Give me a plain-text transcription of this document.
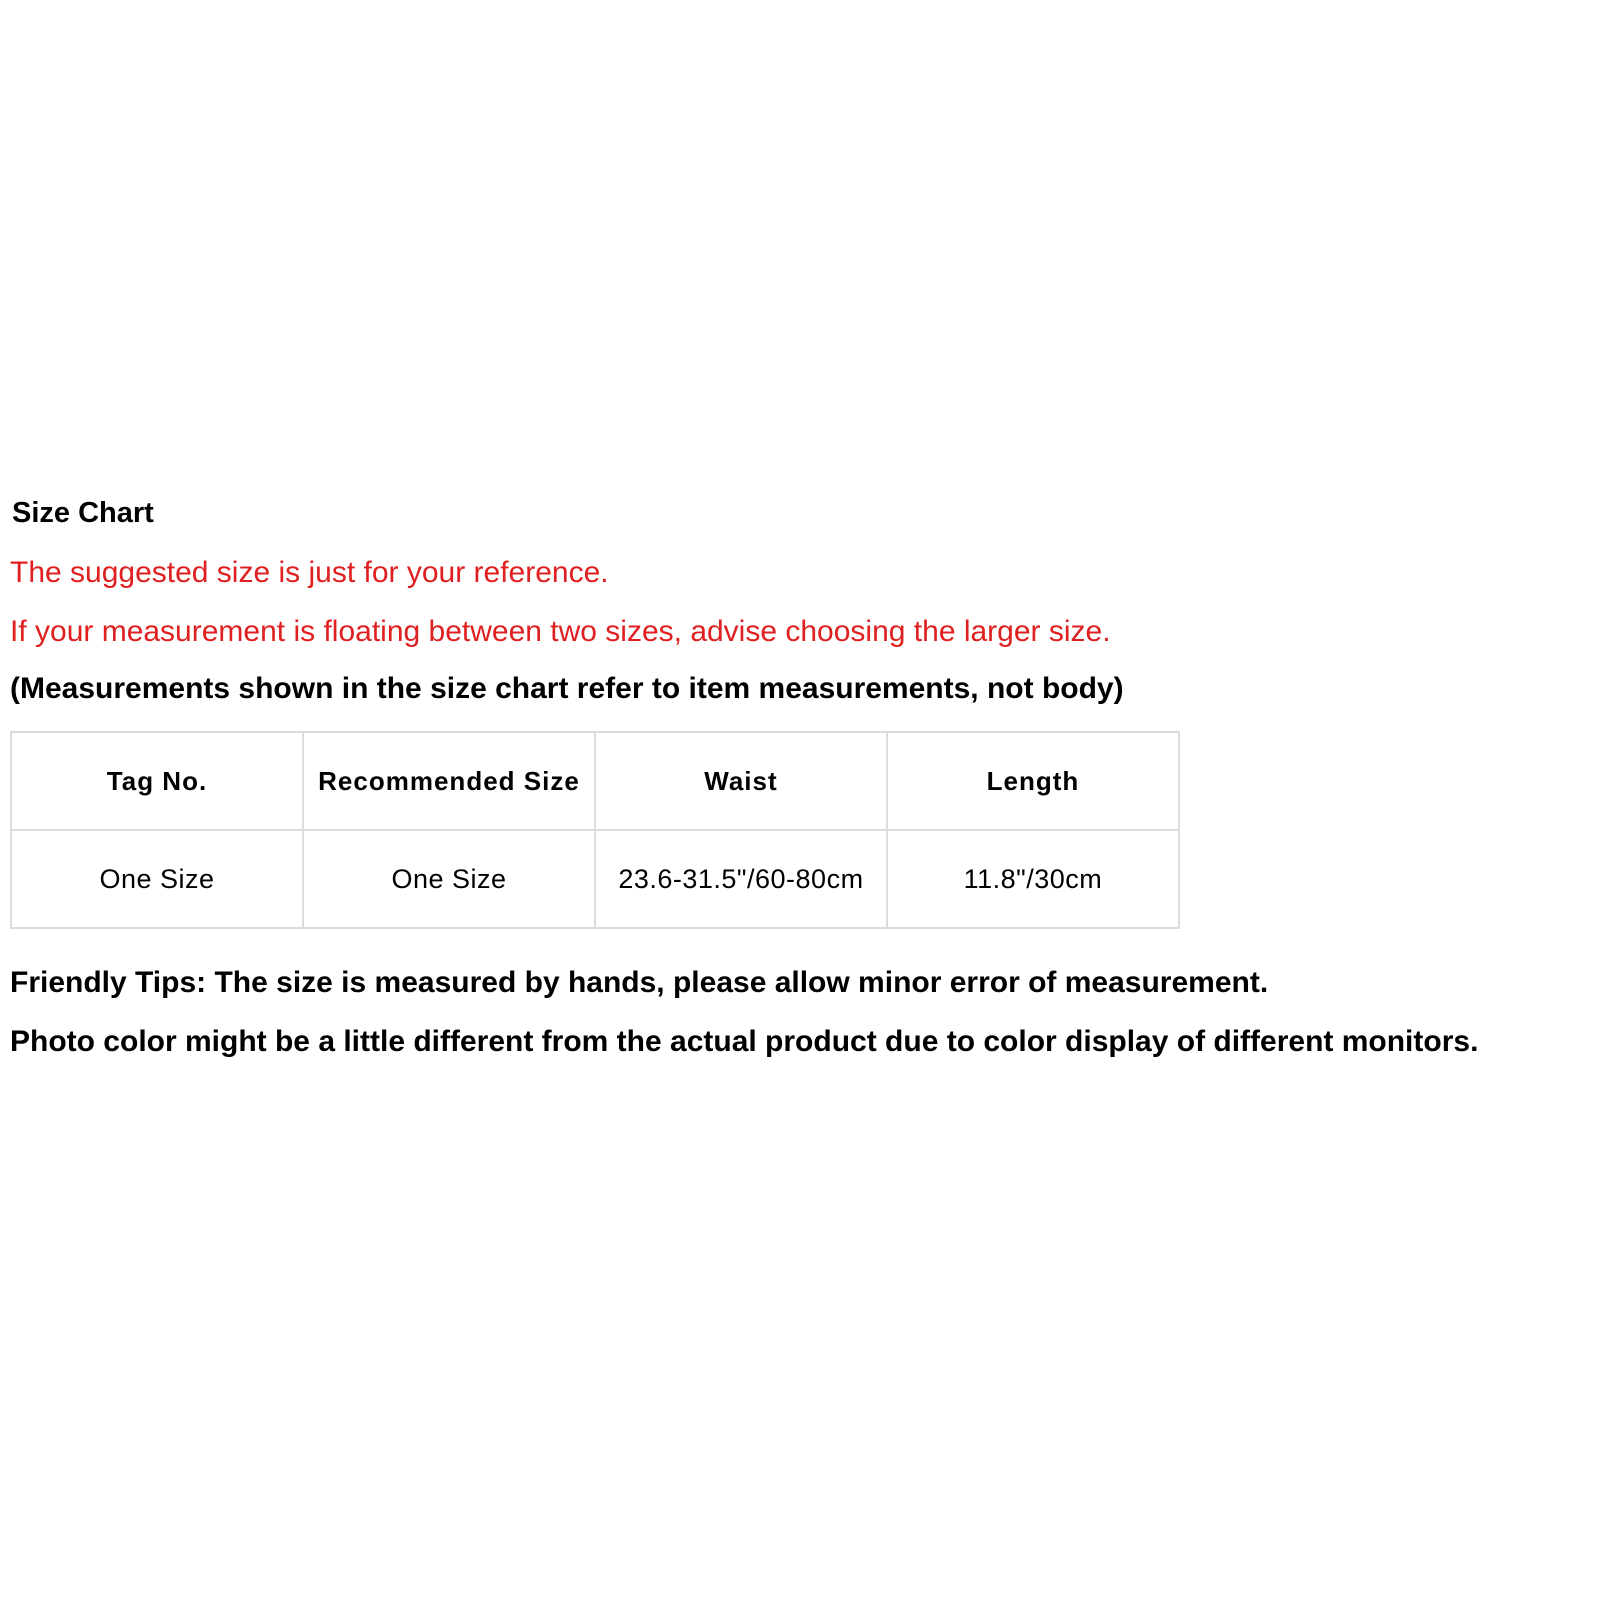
Size Chart
The suggested size is just for your reference.
If your measurement is floating between two sizes, advise choosing the larger size.
(Measurements shown in the size chart refer to item measurements, not body)
Tag No.	Recommended Size	Waist	Length
One Size	One Size	23.6-31.5"/60-80cm	11.8"/30cm
Friendly Tips: The size is measured by hands, please allow minor error of measurement.
Photo color might be a little different from the actual product due to color display of different monitors.
